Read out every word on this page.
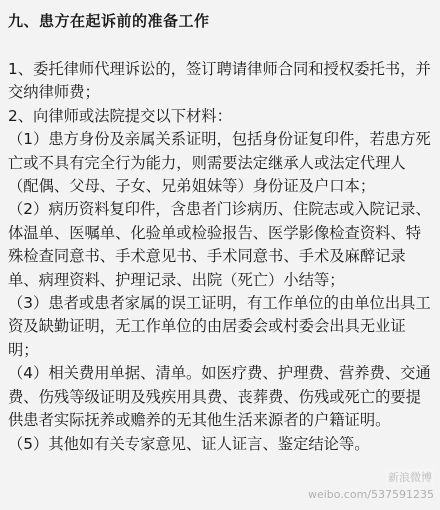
九、患方在起诉前的准备工作

1、委托律师代理诉讼的，签订聘请律师合同和授权委托书，并交纳律师费；

2、向律师或法院提交以下材料：

（1）患方身份及亲属关系证明，包括身份证复印件，若患方死亡或不具有完全行为能力，则需要法定继承人或法定代理人（配偶、父母、子女、兄弟姐妹等）身份证及户口本；

（2）病历资料复印件，含患者门诊病历、住院志或入院记录、体温单、医嘱单、化验单或检验报告、医学影像检查资料、特殊检查同意书、手术意见书、手术同意书、手术及麻醉记录单、病理资料、护理记录、出院（死亡）小结等；

（3）患者或患者家属的误工证明，有工作单位的由单位出具工资及缺勤证明，无工作单位的由居委会或村委会出具无业证明；

（4）相关费用单据、清单。如医疗费、护理费、营养费、交通费、伤残等级证明及残疾用具费、丧葬费、伤残或死亡的要提供患者实际抚养或赡养的无其他生活来源者的户籍证明。

（5）其他如有关专家意见、证人证言、鉴定结论等。

新浪微博
weibo.com/537591235
